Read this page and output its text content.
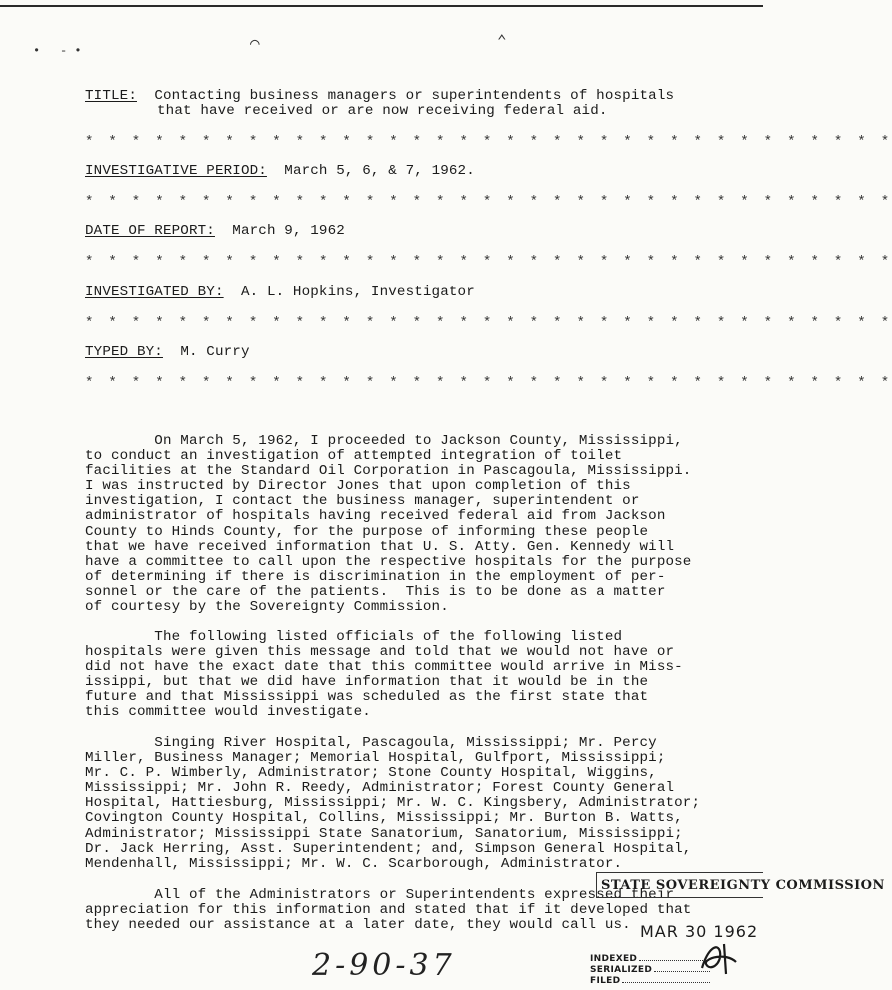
• - •	⌒	⌃
TITLE: Contacting business managers or superintendents of hospitals
that have received or are now receiving federal aid.
* * * * * * * * * * * * * * * * * * * * * * * * * * * * * * * * * * *
INVESTIGATIVE PERIOD: March 5, 6, & 7, 1962.
* * * * * * * * * * * * * * * * * * * * * * * * * * * * * * * * * * *
DATE OF REPORT: March 9, 1962
* * * * * * * * * * * * * * * * * * * * * * * * * * * * * * * * * * *
INVESTIGATED BY: A. L. Hopkins, Investigator
* * * * * * * * * * * * * * * * * * * * * * * * * * * * * * * * * * *
TYPED BY: M. Curry
* * * * * * * * * * * * * * * * * * * * * * * * * * * * * * * * * * *
On March 5, 1962, I proceeded to Jackson County, Mississippi,
to conduct an investigation of attempted integration of toilet
facilities at the Standard Oil Corporation in Pascagoula, Mississippi.
I was instructed by Director Jones that upon completion of this
investigation, I contact the business manager, superintendent or
administrator of hospitals having received federal aid from Jackson
County to Hinds County, for the purpose of informing these people
that we have received information that U. S. Atty. Gen. Kennedy will
have a committee to call upon the respective hospitals for the purpose
of determining if there is discrimination in the employment of per-
sonnel or the care of the patients.  This is to be done as a matter
of courtesy by the Sovereignty Commission.
The following listed officials of the following listed
hospitals were given this message and told that we would not have or
did not have the exact date that this committee would arrive in Miss-
issippi, but that we did have information that it would be in the
future and that Mississippi was scheduled as the first state that
this committee would investigate.
Singing River Hospital, Pascagoula, Mississippi; Mr. Percy
Miller, Business Manager; Memorial Hospital, Gulfport, Mississippi;
Mr. C. P. Wimberly, Administrator; Stone County Hospital, Wiggins,
Mississippi; Mr. John R. Reedy, Administrator; Forest County General
Hospital, Hattiesburg, Mississippi; Mr. W. C. Kingsbery, Administrator;
Covington County Hospital, Collins, Mississippi; Mr. Burton B. Watts,
Administrator; Mississippi State Sanatorium, Sanatorium, Mississippi;
Dr. Jack Herring, Asst. Superintendent; and, Simpson General Hospital,
Mendenhall, Mississippi; Mr. W. C. Scarborough, Administrator.
All of the Administrators or Superintendents expressed their
appreciation for this information and stated that if it developed that
they needed our assistance at a later date, they would call us.
2-90-37
STATE SOVEREIGNTY COMMISSION
MAR 30 1962
INDEXED
SERIALIZED
FILED
